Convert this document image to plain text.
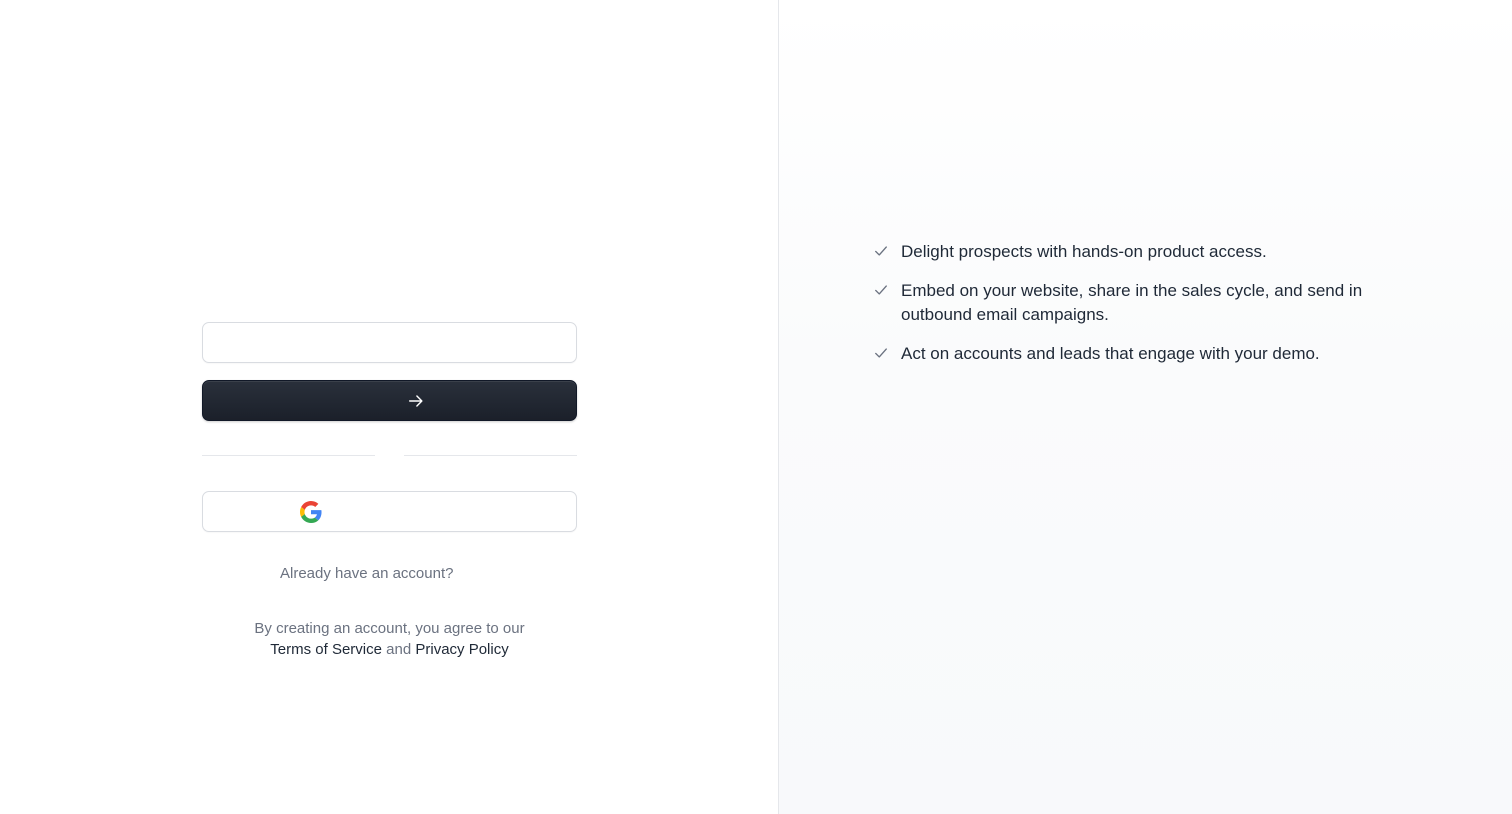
Already have an account?
By creating an account, you agree to our
Terms of Service and Privacy Policy
Delight prospects with hands-on product access.
Embed on your website, share in the sales cycle, and send in outbound email campaigns.
Act on accounts and leads that engage with your demo.
